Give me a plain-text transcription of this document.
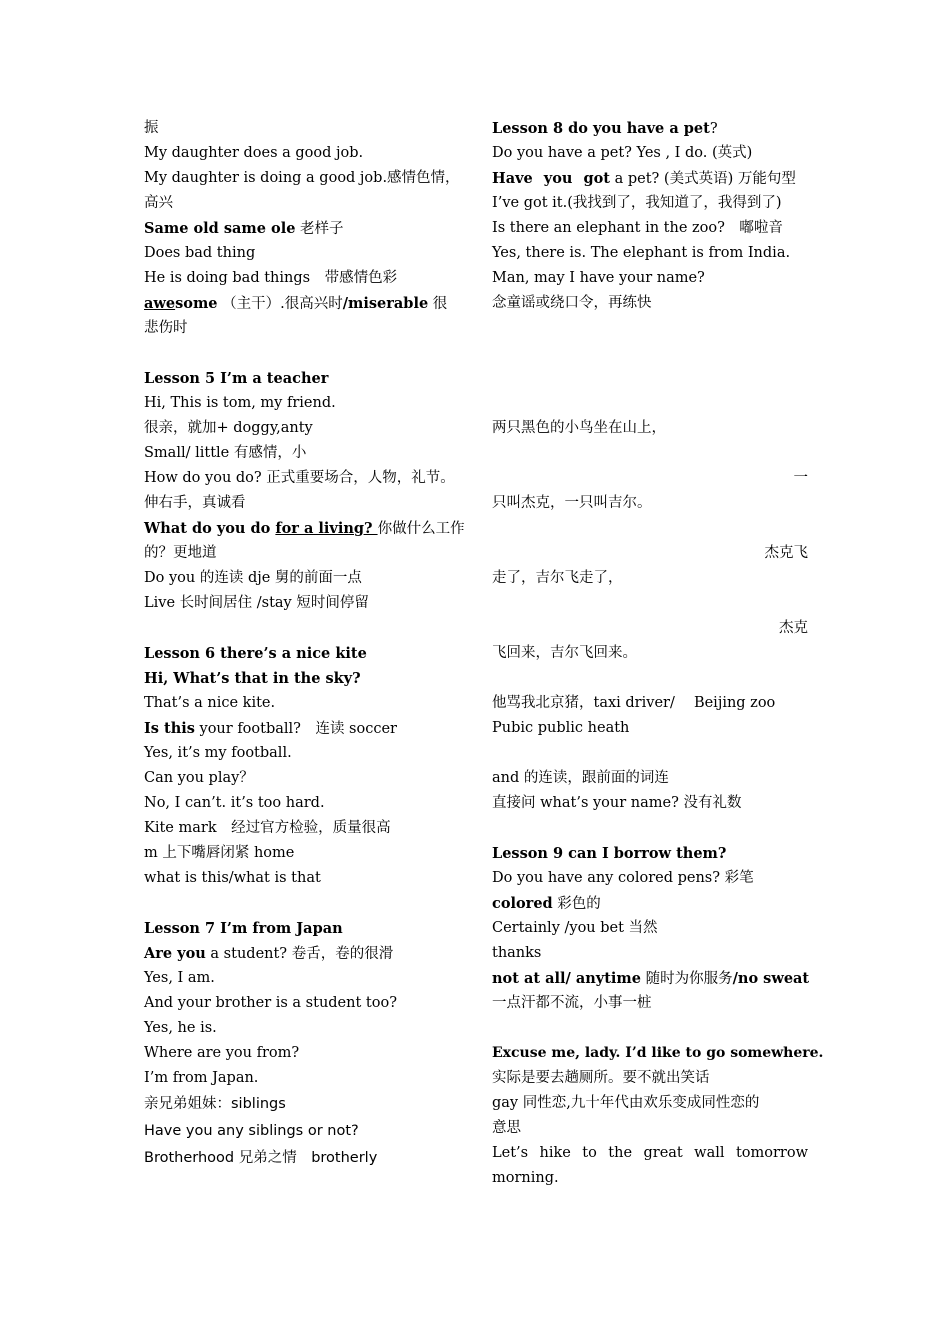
振
My daughter does a good job.
My daughter is doing a good job.感情色情，
高兴
Same old same ole 老样子
Does bad thing
He is doing bad things　带感情色彩
awesome （主干）.很高兴时/miserable 很
悲伤时
Lesson 5 I’m a teacher
Hi, This is tom, my friend.
很亲，就加+ doggy,anty
Small/ little 有感情，小
How do you do? 正式重要场合，人物，礼节。
伸右手，真诚看
What do you do for a living? 你做什么工作
的？更地道
Do you 的连读 dje 舅的前面一点
Live 长时间居住 /stay 短时间停留
Lesson 6 there’s a nice kite
Hi, What’s that in the sky?
That’s a nice kite.
Is this your football?　连读 soccer
Yes, it’s my football.
Can you play？
No, I can’t. it’s too hard.
Kite mark　经过官方检验，质量很高
m 上下嘴唇闭紧 home
what is this/what is that
Lesson 7 I’m from Japan
Are you a student? 卷舌，卷的很滑
Yes, I am.
And your brother is a student too?
Yes, he is.
Where are you from?
I’m from Japan.
亲兄弟姐妹：siblings
Have you any siblings or not?
Brotherhood 兄弟之情　brotherly
Lesson 8 do you have a pet?
Do you have a pet? Yes , I do. (英式)
Have you got a pet? (美式英语) 万能句型
I’ve got it.(我找到了，我知道了，我得到了)
Is there an elephant in the zoo?　嘟啦音
Yes, there is. The elephant is from India.
Man, may I have your name?
念童谣或绕口令，再练快
两只黑色的小鸟坐在山上，
一
只叫杰克，一只叫吉尔。
杰克飞
走了，吉尔飞走了，
杰克
飞回来，吉尔飞回来。
他骂我北京猪，taxi driver/　 Beijing zoo
Pubic public heath
and 的连读，跟前面的词连
直接问 what’s your name? 没有礼数
Lesson 9 can I borrow them?
Do you have any colored pens? 彩笔
colored 彩色的
Certainly /you bet 当然
thanks
not at all/ anytime 随时为你服务/no sweat
一点汗都不流，小事一桩
Excuse me, lady. I’d like to go somewhere.
实际是要去趟厕所。要不就出笑话
gay 同性恋,九十年代由欢乐变成同性恋的
意思
Let’s hike to the great wall tomorrow
morning.
